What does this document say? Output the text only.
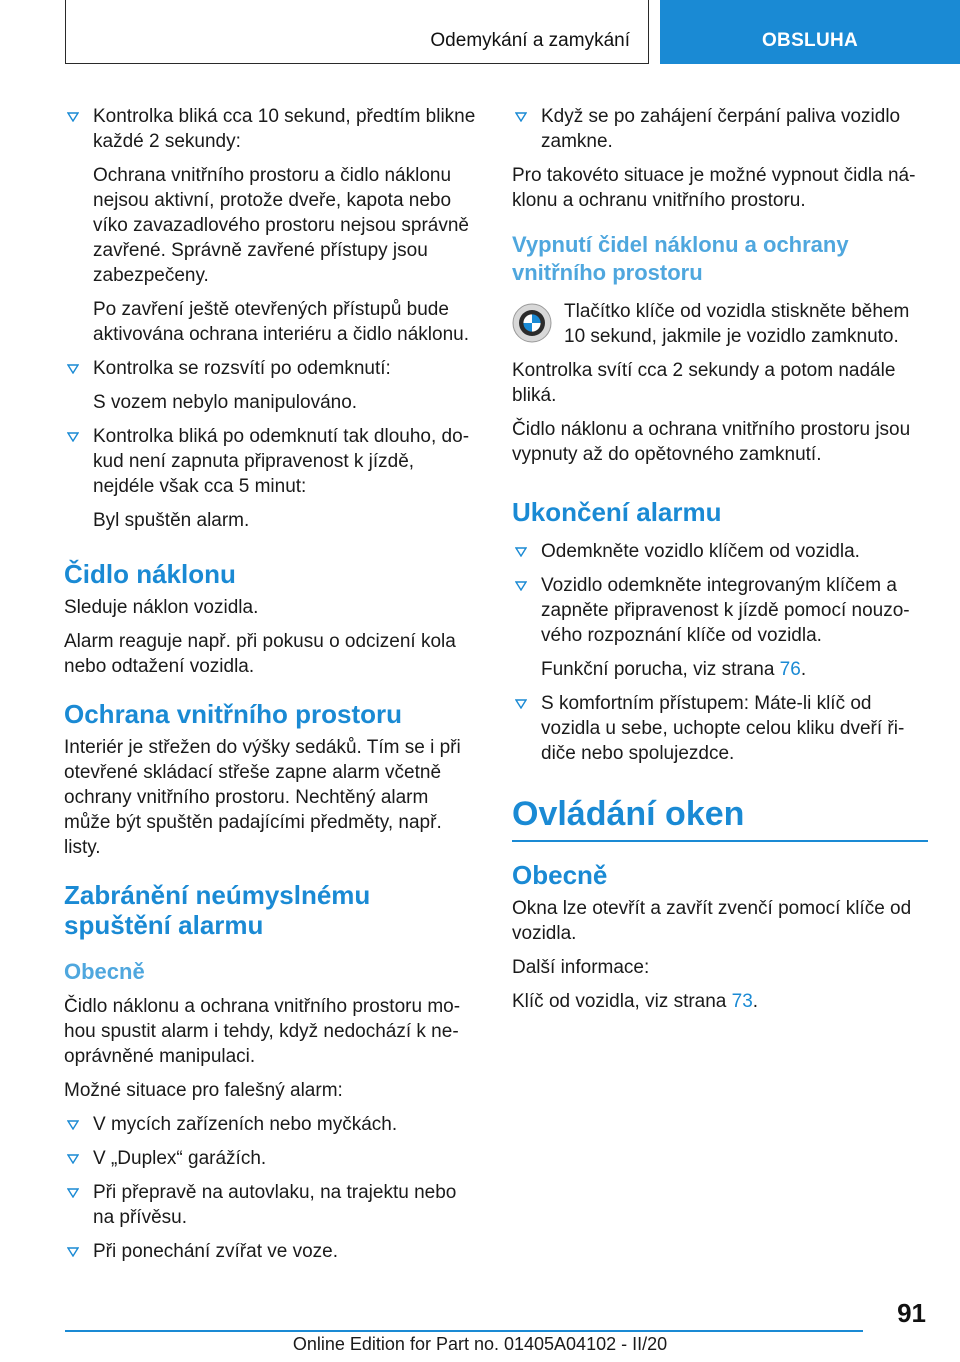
Odemykání a zamykání	OBSLUHA
Kontrolka bliká cca 10 sekund, předtím blikne každé 2 sekundy:

Ochrana vnitřního prostoru a čidlo náklonu nejsou aktivní, protože dveře, kapota nebo víko zavazadlového prostoru nejsou správně zavřené. Správně zavřené přístupy jsou zabezpečeny.

Po zavření ještě otevřených přístupů bude aktivována ochrana interiéru a čidlo náklonu.

Kontrolka se rozsvítí po odemknutí:

S vozem nebylo manipulováno.

Kontrolka bliká po odemknutí tak dlouho, dokud není zapnuta připravenost k jízdě, nejdéle však cca 5 minut:

Byl spuštěn alarm.

Čidlo náklonu

Sleduje náklon vozidla.

Alarm reaguje např. při pokusu o odcizení kola nebo odtažení vozidla.

Ochrana vnitřního prostoru

Interiér je střežen do výšky sedáků. Tím se i při otevřené skládací střeše zapne alarm včetně ochrany vnitřního prostoru. Nechtěný alarm může být spuštěn padajícími předměty, např. listy.

Zabránění neúmyslnému spuštění alarmu
Obecně

Čidlo náklonu a ochrana vnitřního prostoru mohou spustit alarm i tehdy, když nedochází k neoprávněné manipulaci.

Možné situace pro falešný alarm:

V mycích zařízeních nebo myčkách.
V „Duplex“ garážích.
Při přepravě na autovlaku, na trajektu nebo na přívěsu.
Při ponechání zvířat ve voze.
Když se po zahájení čerpání paliva vozidlo zamkne.

Pro takovéto situace je možné vypnout čidla náklonu a ochranu vnitřního prostoru.

Vypnutí čidel náklonu a ochrany vnitřního prostoru

Tlačítko klíče od vozidla stiskněte během 10 sekund, jakmile je vozidlo zamknuto.

Kontrolka svítí cca 2 sekundy a potom nadále bliká.

Čidlo náklonu a ochrana vnitřního prostoru jsou vypnuty až do opětovného zamknutí.

Ukončení alarmu
Odemkněte vozidlo klíčem od vozidla.
Vozidlo odemkněte integrovaným klíčem a zapněte připravenost k jízdě pomocí nouzového rozpoznání klíče od vozidla.

Funkční porucha, viz strana 76.

S komfortním přístupem: Máte-li klíč od vozidla u sebe, uchopte celou kliku dveří řidiče nebo spolujezdce.
Ovládání oken
Obecně

Okna lze otevřít a zavřít zvenčí pomocí klíče od vozidla.

Další informace:

Klíč od vozidla, viz strana 73.

91
Online Edition for Part no. 01405A04102 - II/20
